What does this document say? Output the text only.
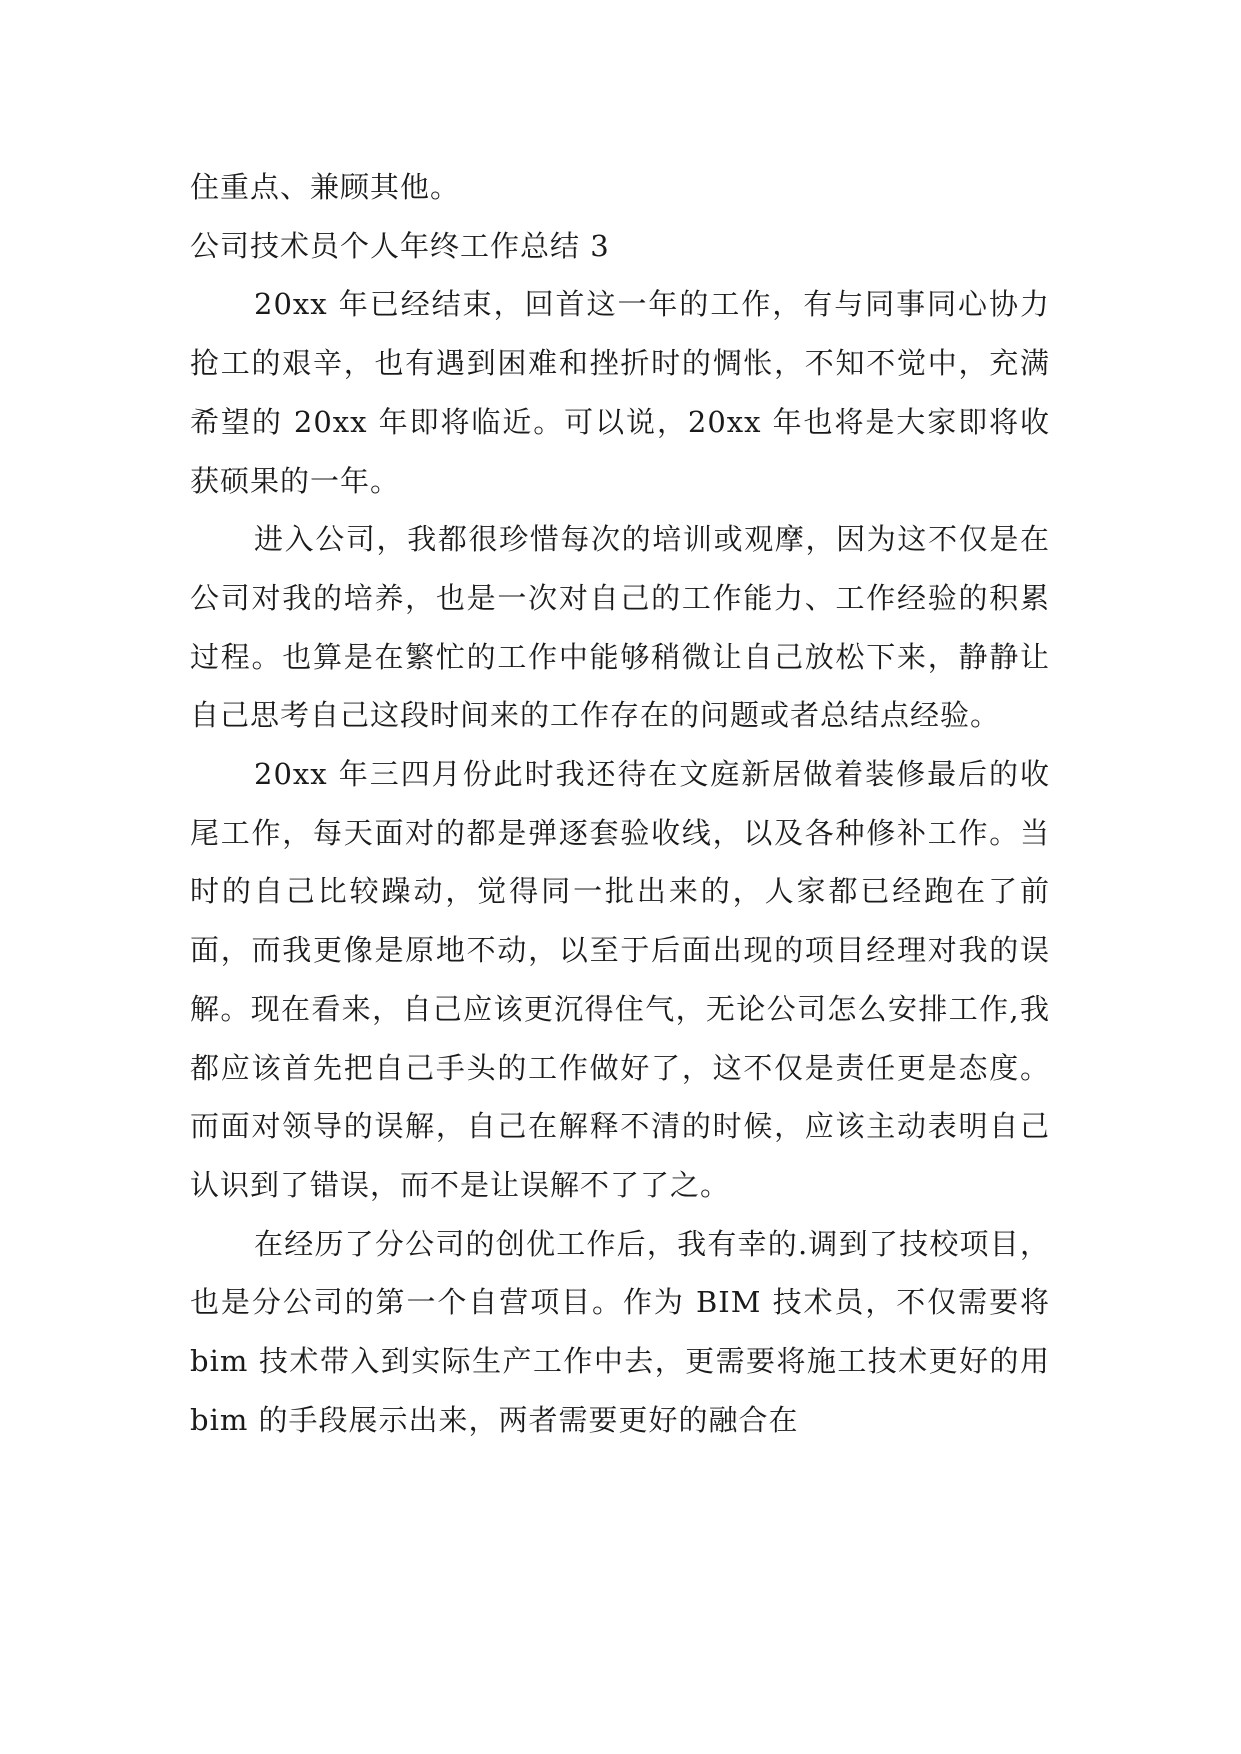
住重点、兼顾其他。

公司技术员个人年终工作总结 3

20xx 年已经结束，回首这一年的工作，有与同事同心协力抢工的艰辛，也有遇到困难和挫折时的惆怅，不知不觉中，充满希望的 20xx 年即将临近。可以说，20xx 年也将是大家即将收获硕果的一年。

进入公司，我都很珍惜每次的培训或观摩，因为这不仅是在公司对我的培养，也是一次对自己的工作能力、工作经验的积累过程。也算是在繁忙的工作中能够稍微让自己放松下来，静静让自己思考自己这段时间来的工作存在的问题或者总结点经验。

20xx 年三四月份此时我还待在文庭新居做着装修最后的收尾工作，每天面对的都是弹逐套验收线，以及各种修补工作。当时的自己比较躁动，觉得同一批出来的，人家都已经跑在了前面，而我更像是原地不动，以至于后面出现的项目经理对我的误解。现在看来，自己应该更沉得住气，无论公司怎么安排工作,我都应该首先把自己手头的工作做好了，这不仅是责任更是态度。而面对领导的误解，自己在解释不清的时候，应该主动表明自己认识到了错误，而不是让误解不了了之。

在经历了分公司的创优工作后，我有幸的.调到了技校项目，也是分公司的第一个自营项目。作为 BIM 技术员，不仅需要将 bim 技术带入到实际生产工作中去，更需要将施工技术更好的用 bim 的手段展示出来，两者需要更好的融合在
